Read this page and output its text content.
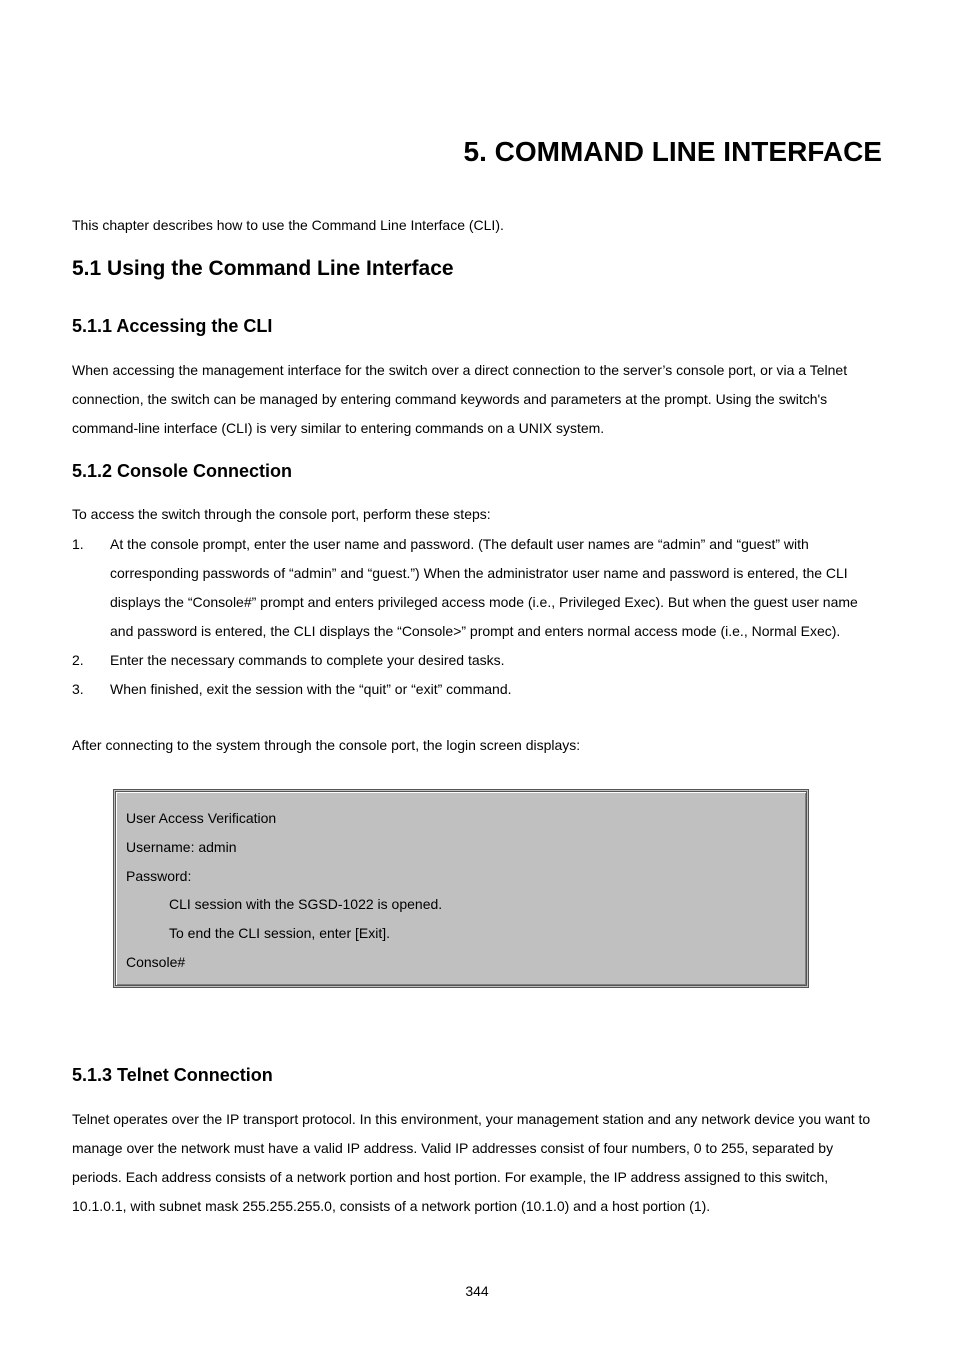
5. COMMAND LINE INTERFACE

This chapter describes how to use the Command Line Interface (CLI).

5.1 Using the Command Line Interface
5.1.1 Accessing the CLI

When accessing the management interface for the switch over a direct connection to the server’s console port, or via a Telnet connection, the switch can be managed by entering command keywords and parameters at the prompt. Using the switch's command-line interface (CLI) is very similar to entering commands on a UNIX system.

5.1.2 Console Connection

To access the switch through the console port, perform these steps:

1. At the console prompt, enter the user name and password. (The default user names are “admin” and “guest” with corresponding passwords of “admin” and “guest.”) When the administrator user name and password is entered, the CLI displays the “Console#” prompt and enters privileged access mode (i.e., Privileged Exec). But when the guest user name and password is entered, the CLI displays the “Console>” prompt and enters normal access mode (i.e., Normal Exec).
2. Enter the necessary commands to complete your desired tasks.
3. When finished, exit the session with the “quit” or “exit” command.

After connecting to the system through the console port, the login screen displays:

User Access Verification
Username: admin
Password:
CLI session with the SGSD-1022 is opened.
To end the CLI session, enter [Exit].
Console#
5.1.3 Telnet Connection

Telnet operates over the IP transport protocol. In this environment, your management station and any network device you want to manage over the network must have a valid IP address. Valid IP addresses consist of four numbers, 0 to 255, separated by periods. Each address consists of a network portion and host portion. For example, the IP address assigned to this switch, 10.1.0.1, with subnet mask 255.255.255.0, consists of a network portion (10.1.0) and a host portion (1).

344
